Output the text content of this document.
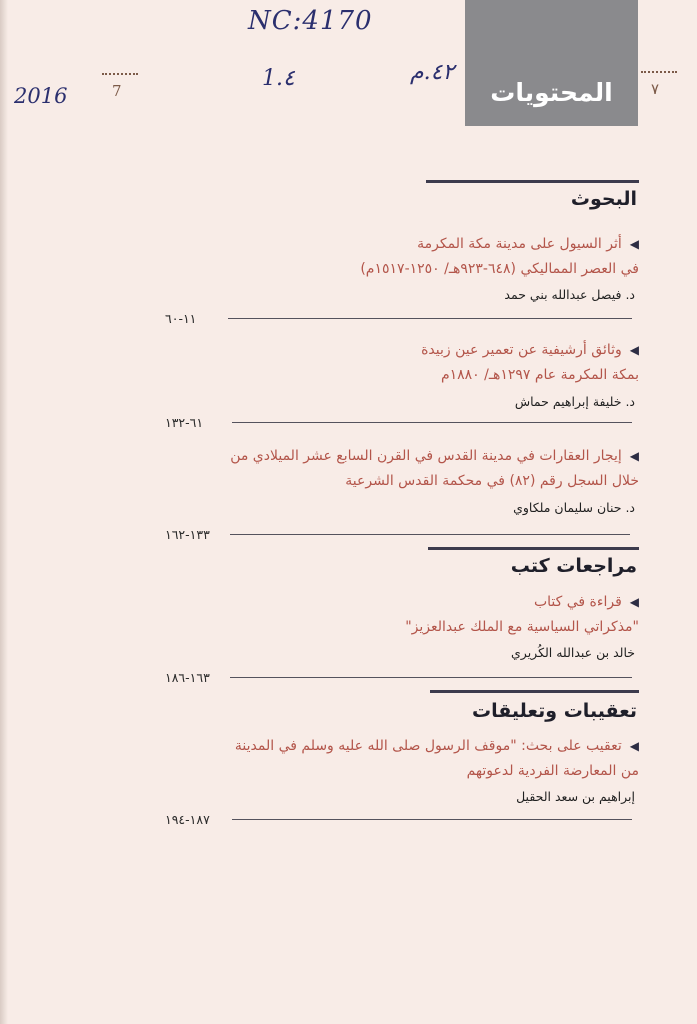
NC:4170
2016
1.٤	٤٢.م
7	٧
المحتويات
البحوث
◀أثر السيول على مدينة مكة المكرمة
في العصر المماليكي (٦٤٨-٩٢٣هـ/ ١٢٥٠-١٥١٧م)
د. فيصل عبدالله بني حمد
١١-٦٠
◀وثائق أرشيفية عن تعمير عين زبيدة
بمكة المكرمة عام ١٢٩٧هـ/ ١٨٨٠م
د. خليفة إبراهيم حماش
٦١-١٣٢
◀إيجار العقارات في مدينة القدس في القرن السابع عشر الميلادي من
خلال السجل رقم (٨٢) في محكمة القدس الشرعية
د. حنان سليمان ملكاوي
١٣٣-١٦٢
مراجعات كتب
◀قراءة في كتاب
"مذكراتي السياسية مع الملك عبدالعزيز"
خالد بن عبدالله الكُريري
١٦٣-١٨٦
تعقيبات وتعليقات
◀تعقيب على بحث: "موقف الرسول صلى الله عليه وسلم في المدينة
من المعارضة الفردية لدعوتهم
إبراهيم بن سعد الحقيل
١٨٧-١٩٤
